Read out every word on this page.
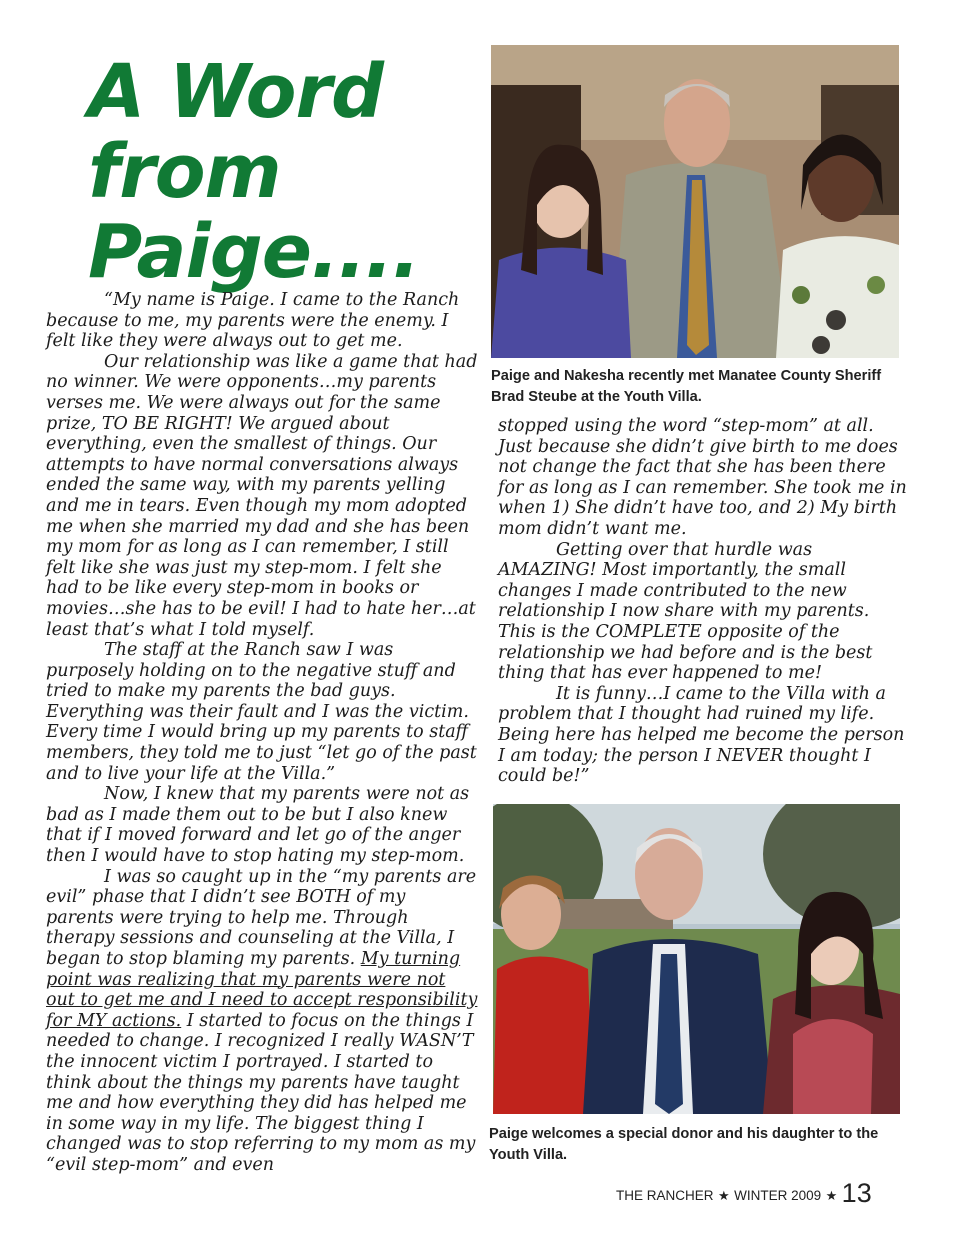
A Word
from
Paige....

“My name is Paige. I came to the Ranch because to me, my parents were the enemy. I felt like they were always out to get me.

Our relationship was like a game that had no winner. We were opponents…my parents verses me. We were always out for the same prize, TO BE RIGHT! We argued about everything, even the smallest of things. Our attempts to have normal conversations always ended the same way, with my parents yelling and me in tears. Even though my mom adopted me when she married my dad and she has been my mom for as long as I can remember, I still felt like she was just my step-mom. I felt she had to be like every step-mom in books or movies…she has to be evil! I had to hate her…at least that’s what I told myself.

The staff at the Ranch saw I was purposely holding on to the negative stuff and tried to make my parents the bad guys. Everything was their fault and I was the victim. Every time I would bring up my parents to staff members, they told me to just “let go of the past and to live your life at the Villa.”

Now, I knew that my parents were not as bad as I made them out to be but I also knew that if I moved forward and let go of the anger then I would have to stop hating my step-mom.

I was so caught up in the “my parents are evil” phase that I didn’t see BOTH of my parents were trying to help me. Through therapy sessions and counseling at the Villa, I began to stop blaming my parents. My turning point was realizing that my parents were not out to get me and I need to accept responsibility for MY actions. I started to focus on the things I needed to change. I recognized I really WASN’T the innocent victim I portrayed. I started to think about the things my parents have taught me and how everything they did has helped me in some way in my life. The biggest thing I changed was to stop referring to my mom as my “evil step-mom” and even

Paige and Nakesha recently met Manatee County Sheriff Brad Steube at the Youth Villa.

stopped using the word “step-mom” at all. Just because she didn’t give birth to me does not change the fact that she has been there for as long as I can remember. She took me in when 1) She didn’t have too, and 2) My birth mom didn’t want me.

Getting over that hurdle was AMAZING! Most importantly, the small changes I made contributed to the new relationship I now share with my parents. This is the COMPLETE opposite of the relationship we had before and is the best thing that has ever happened to me!

It is funny…I came to the Villa with a problem that I thought had ruined my life. Being here has helped me become the person I am today; the person I NEVER thought I could be!”

Paige welcomes a special donor and his daughter to the Youth Villa.

THE RANCHER ★ WINTER 2009 ★ 13
